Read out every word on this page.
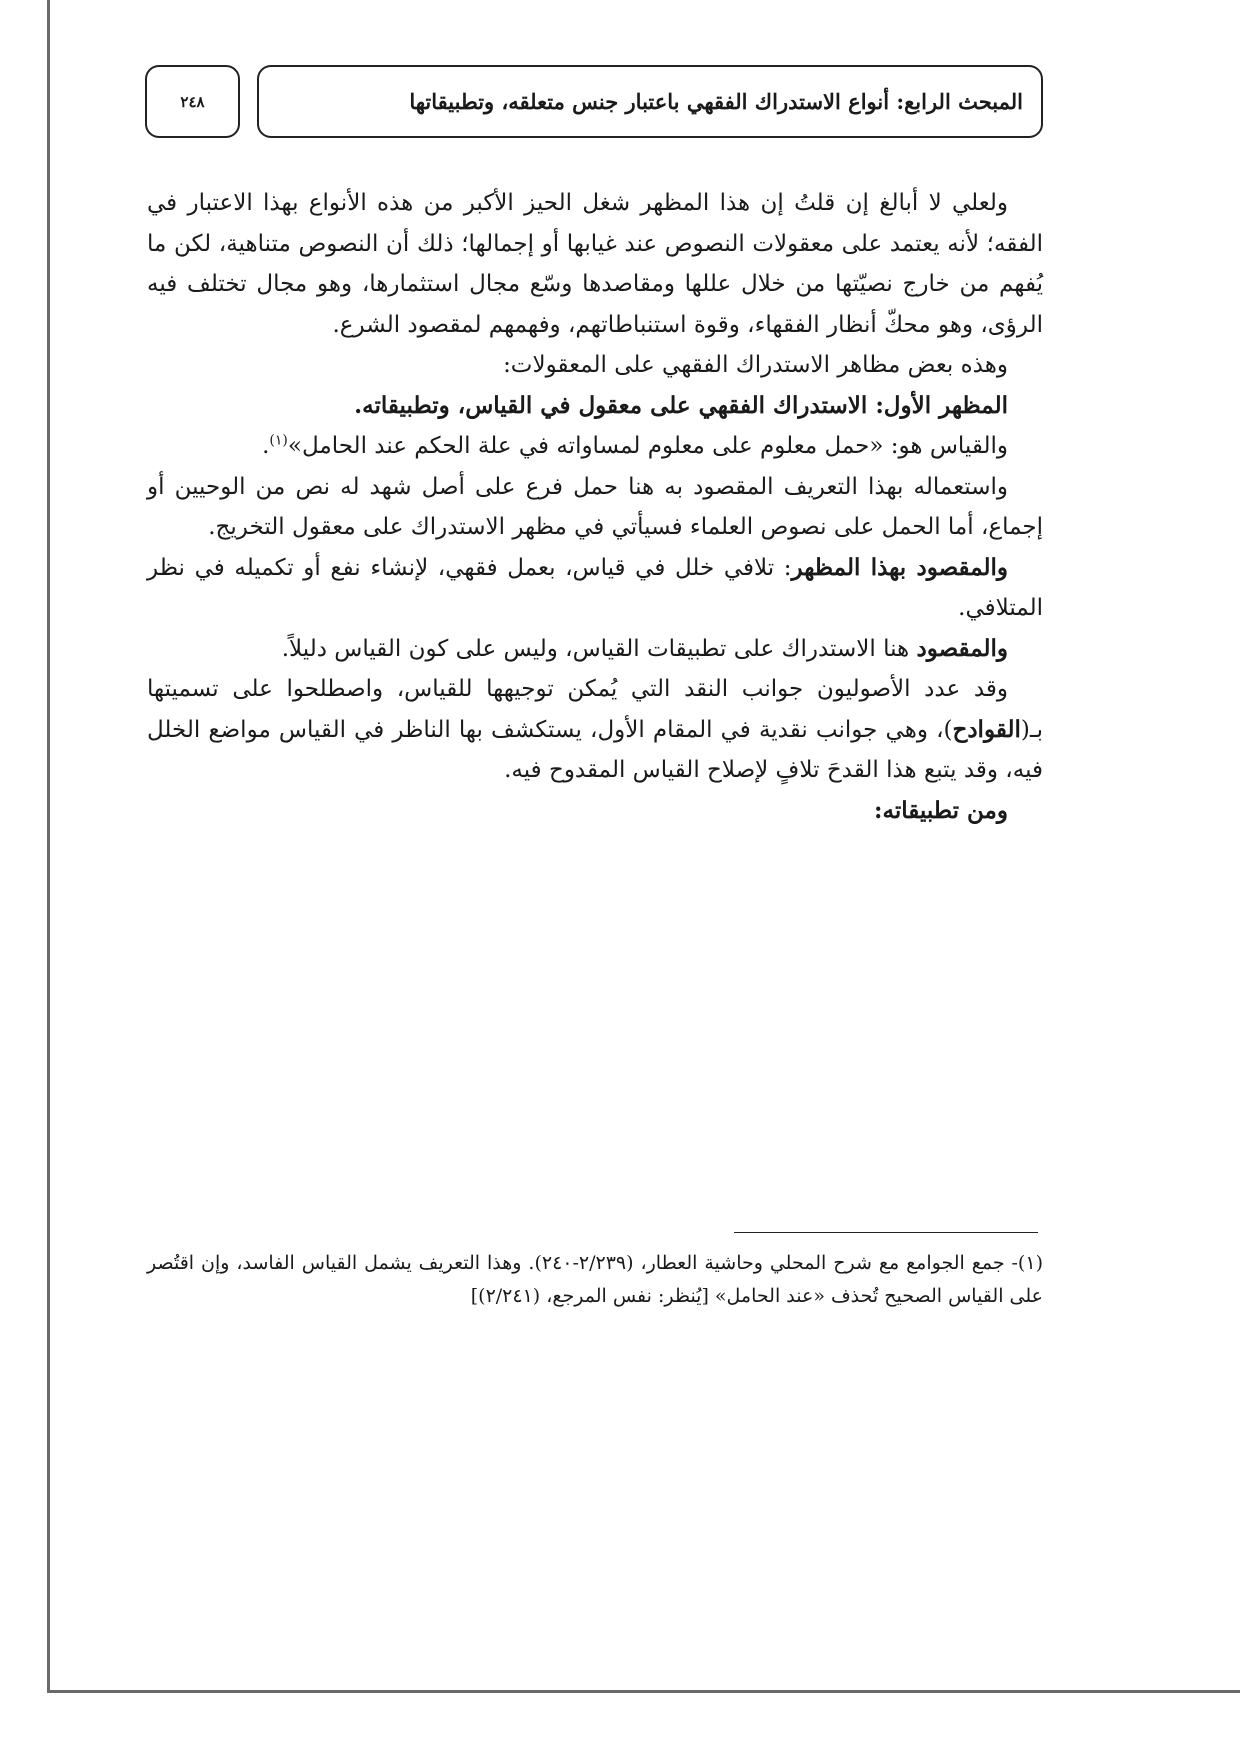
٢٤٨	المبحث الرابع: أنواع الاستدراك الفقهي باعتبار جنس متعلقه، وتطبيقاتها

ولعلي لا أبالغ إن قلتُ إن هذا المظهر شغل الحيز الأكبر من هذه الأنواع بهذا الاعتبار في الفقه؛ لأنه يعتمد على معقولات النصوص عند غيابها أو إجمالها؛ ذلك أن النصوص متناهية، لكن ما يُفهم من خارج نصيّتها من خلال عللها ومقاصدها وسّع مجال استثمارها، وهو مجال تختلف فيه الرؤى، وهو محكّ أنظار الفقهاء، وقوة استنباطاتهم، وفهمهم لمقصود الشرع.

وهذه بعض مظاهر الاستدراك الفقهي على المعقولات:

المظهر الأول: الاستدراك الفقهي على معقول في القياس، وتطبيقاته.

والقياس هو: «حمل معلوم على معلوم لمساواته في علة الحكم عند الحامل»$^{(١)}$.

واستعماله بهذا التعريف المقصود به هنا حمل فرع على أصل شهد له نص من الوحيين أو إجماع، أما الحمل على نصوص العلماء فسيأتي في مظهر الاستدراك على معقول التخريج.

والمقصود بهذا المظهر: تلافي خلل في قياس، بعمل فقهي، لإنشاء نفع أو تكميله في نظر المتلافي.

والمقصود هنا الاستدراك على تطبيقات القياس، وليس على كون القياس دليلاً.

وقد عدد الأصوليون جوانب النقد التي يُمكن توجيهها للقياس، واصطلحوا على تسميتها بـ(القوادح)، وهي جوانب نقدية في المقام الأول، يستكشف بها الناظر في القياس مواضع الخلل فيه، وقد يتبع هذا القدحَ تلافٍ لإصلاح القياس المقدوح فيه.

ومن تطبيقاته:

(١)- جمع الجوامع مع شرح المحلي وحاشية العطار، (٢/٢٣٩-٢٤٠). وهذا التعريف يشمل القياس الفاسد، وإن اقتُصر على القياس الصحيح تُحذف «عند الحامل» [يُنظر: نفس المرجع، (٢/٢٤١)]
